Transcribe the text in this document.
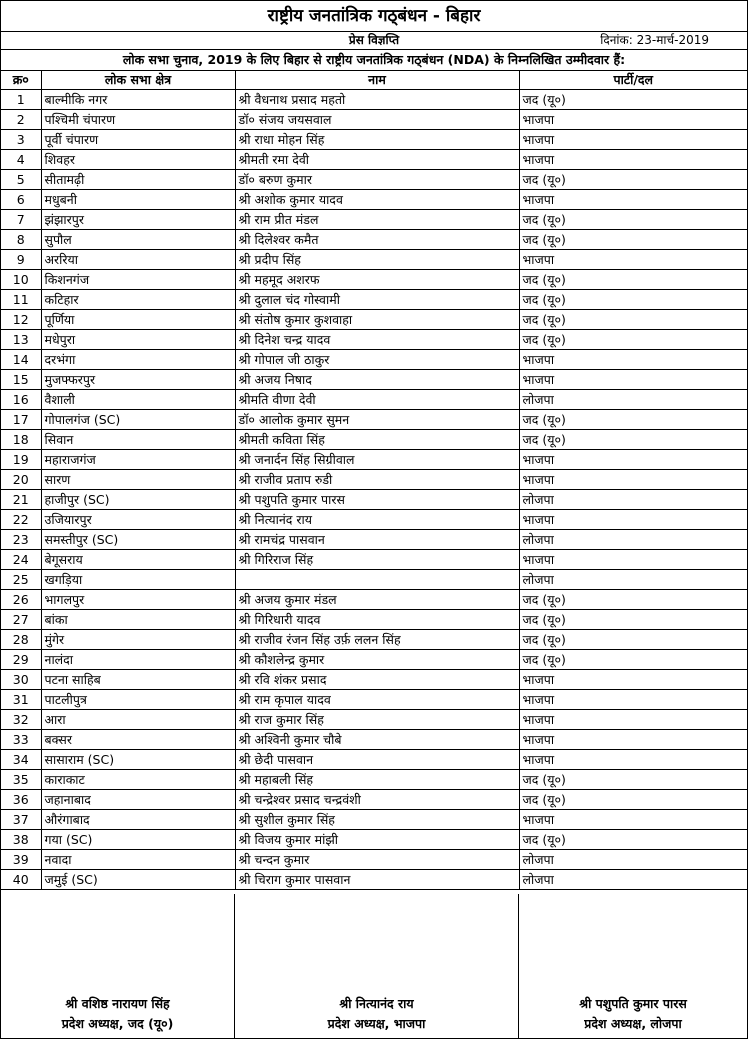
राष्ट्रीय जनतांत्रिक गठ्बंधन - बिहार
प्रेस विज्ञप्ति	दिनांक: 23-मार्च-2019
लोक सभा चुनाव, 2019 के लिए बिहार से राष्ट्रीय जनतांत्रिक गठ्बंधन (NDA) के निम्नलिखित उम्मीदवार हैं:
क्र०	लोक सभा क्षेत्र	नाम	पार्टी/दल
1	बाल्मीकि नगर	श्री वैधनाथ प्रसाद महतो	जद (यू०)
2	पश्चिमी चंपारण	डॉ० संजय जयसवाल	भाजपा
3	पूर्वी चंपारण	श्री राधा मोहन सिंह	भाजपा
4	शिवहर	श्रीमती रमा देवी	भाजपा
5	सीतामढ़ी	डॉ० बरुण कुमार	जद (यू०)
6	मधुबनी	श्री अशोक कुमार यादव	भाजपा
7	झंझारपुर	श्री राम प्रीत मंडल	जद (यू०)
8	सुपौल	श्री दिलेश्वर कमैत	जद (यू०)
9	अररिया	श्री प्रदीप सिंह	भाजपा
10	किशनगंज	श्री महमूद अशरफ	जद (यू०)
11	कटिहार	श्री दुलाल चंद गोस्वामी	जद (यू०)
12	पूर्णिया	श्री संतोष कुमार कुशवाहा	जद (यू०)
13	मधेपुरा	श्री दिनेश चन्द्र यादव	जद (यू०)
14	दरभंगा	श्री गोपाल जी ठाकुर	भाजपा
15	मुजफ्फरपुर	श्री अजय निषाद	भाजपा
16	वैशाली	श्रीमति वीणा देवी	लोजपा
17	गोपालगंज (SC)	डॉ० आलोक कुमार सुमन	जद (यू०)
18	सिवान	श्रीमती कविता सिंह	जद (यू०)
19	महाराजगंज	श्री जनार्दन सिंह सिग्रीवाल	भाजपा
20	सारण	श्री राजीव प्रताप रुडी	भाजपा
21	हाजीपुर (SC)	श्री पशुपति कुमार पारस	लोजपा
22	उजियारपुर	श्री नित्यानंद राय	भाजपा
23	समस्तीपुर (SC)	श्री रामचंद्र पासवान	लोजपा
24	बेगूसराय	श्री गिरिराज सिंह	भाजपा
25	खगड़िया		लोजपा
26	भागलपुर	श्री अजय कुमार मंडल	जद (यू०)
27	बांका	श्री गिरिधारी यादव	जद (यू०)
28	मुंगेर	श्री राजीव रंजन सिंह उर्फ़ ललन सिंह	जद (यू०)
29	नालंदा	श्री कौशलेन्द्र कुमार	जद (यू०)
30	पटना साहिब	श्री रवि शंकर प्रसाद	भाजपा
31	पाटलीपुत्र	श्री राम कृपाल यादव	भाजपा
32	आरा	श्री राज कुमार सिंह	भाजपा
33	बक्सर	श्री अश्विनी कुमार चौबे	भाजपा
34	सासाराम (SC)	श्री छेदी पासवान	भाजपा
35	काराकाट	श्री महाबली सिंह	जद (यू०)
36	जहानाबाद	श्री चन्द्रेश्वर प्रसाद चन्द्रवंशी	जद (यू०)
37	औरंगाबाद	श्री सुशील कुमार सिंह	भाजपा
38	गया (SC)	श्री विजय कुमार मांझी	जद (यू०)
39	नवादा	श्री चन्दन कुमार	लोजपा
40	जमुई (SC)	श्री चिराग कुमार पासवान	लोजपा
श्री वशिष्ठ नारायण सिंह
प्रदेश अध्यक्ष, जद (यू०)
श्री नित्यानंद राय
प्रदेश अध्यक्ष, भाजपा
श्री पशुपति कुमार पारस
प्रदेश अध्यक्ष, लोजपा
